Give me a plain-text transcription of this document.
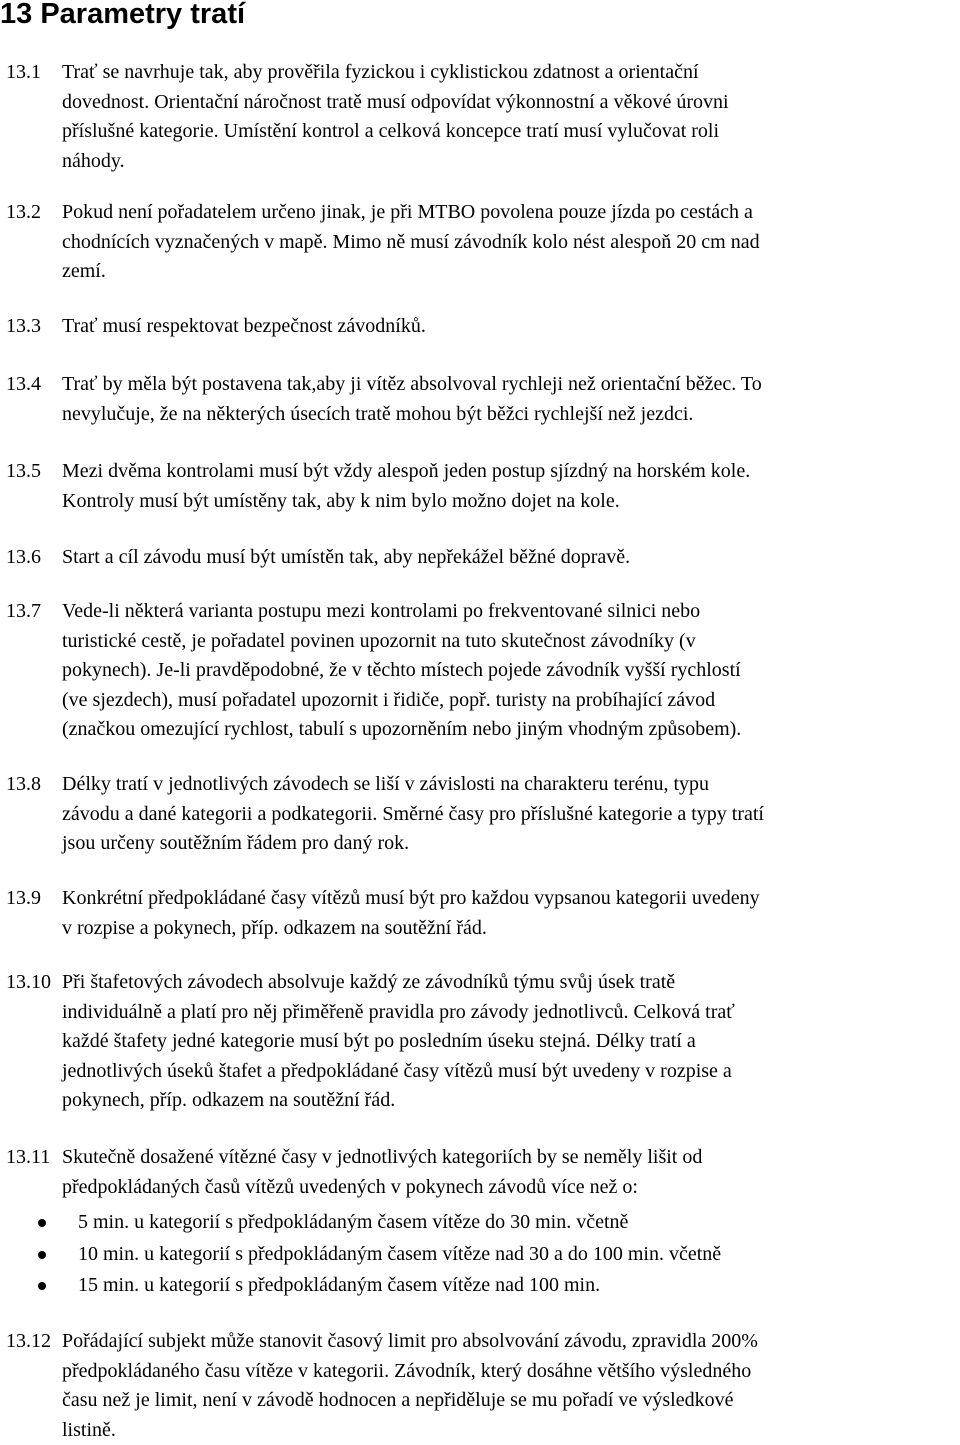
13 Parametry tratí
13.1 Trať se navrhuje tak, aby prověřila fyzickou i cyklistickou zdatnost a orientační
dovednost. Orientační náročnost tratě musí odpovídat výkonnostní a věkové úrovni
příslušné kategorie. Umístění kontrol a celková koncepce tratí musí vylučovat roli
náhody.
13.2 Pokud není pořadatelem určeno jinak, je při MTBO povolena pouze jízda po cestách a
chodnících vyznačených v mapě. Mimo ně musí závodník kolo nést alespoň 20 cm nad
zemí.
13.3 Trať musí respektovat bezpečnost závodníků.
13.4 Trať by měla být postavena tak,aby ji vítěz absolvoval rychleji než orientační běžec. To
nevylučuje, že na některých úsecích tratě mohou být běžci rychlejší než jezdci.
13.5 Mezi dvěma kontrolami musí být vždy alespoň jeden postup sjízdný na horském kole.
Kontroly musí být umístěny tak, aby k nim bylo možno dojet na kole.
13.6 Start a cíl závodu musí být umístěn tak, aby nepřekážel běžné dopravě.
13.7 Vede-li některá varianta postupu mezi kontrolami po frekventované silnici nebo
turistické cestě, je pořadatel povinen upozornit na tuto skutečnost závodníky (v
pokynech). Je-li pravděpodobné, že v těchto místech pojede závodník vyšší rychlostí
(ve sjezdech), musí pořadatel upozornit i řidiče, popř. turisty na probíhající závod
(značkou omezující rychlost, tabulí s upozorněním nebo jiným vhodným způsobem).
13.8 Délky tratí v jednotlivých závodech se liší v závislosti na charakteru terénu, typu
závodu a dané kategorii a podkategorii. Směrné časy pro příslušné kategorie a typy tratí
jsou určeny soutěžním řádem pro daný rok.
13.9 Konkrétní předpokládané časy vítězů musí být pro každou vypsanou kategorii uvedeny
v rozpise a pokynech, příp. odkazem na soutěžní řád.
13.10 Při štafetových závodech absolvuje každý ze závodníků týmu svůj úsek tratě
individuálně a platí pro něj přiměřeně pravidla pro závody jednotlivců. Celková trať
každé štafety jedné kategorie musí být po posledním úseku stejná. Délky tratí a
jednotlivých úseků štafet a předpokládané časy vítězů musí být uvedeny v rozpise a
pokynech, příp. odkazem na soutěžní řád.
13.11 Skutečně dosažené vítězné časy v jednotlivých kategoriích by se neměly lišit od
předpokládaných časů vítězů uvedených v pokynech závodů více než o:
13.12 Pořádající subjekt může stanovit časový limit pro absolvování závodu, zpravidla 200%
předpokládaného času vítěze v kategorii. Závodník, který dosáhne většího výsledného
času než je limit, není v závodě hodnocen a nepřiděluje se mu pořadí ve výsledkové
listině.
5 min. u kategorií s předpokládaným časem vítěze do 30 min. včetně
10 min. u kategorií s předpokládaným časem vítěze nad 30 a do 100 min. včetně
15 min. u kategorií s předpokládaným časem vítěze nad 100 min.
